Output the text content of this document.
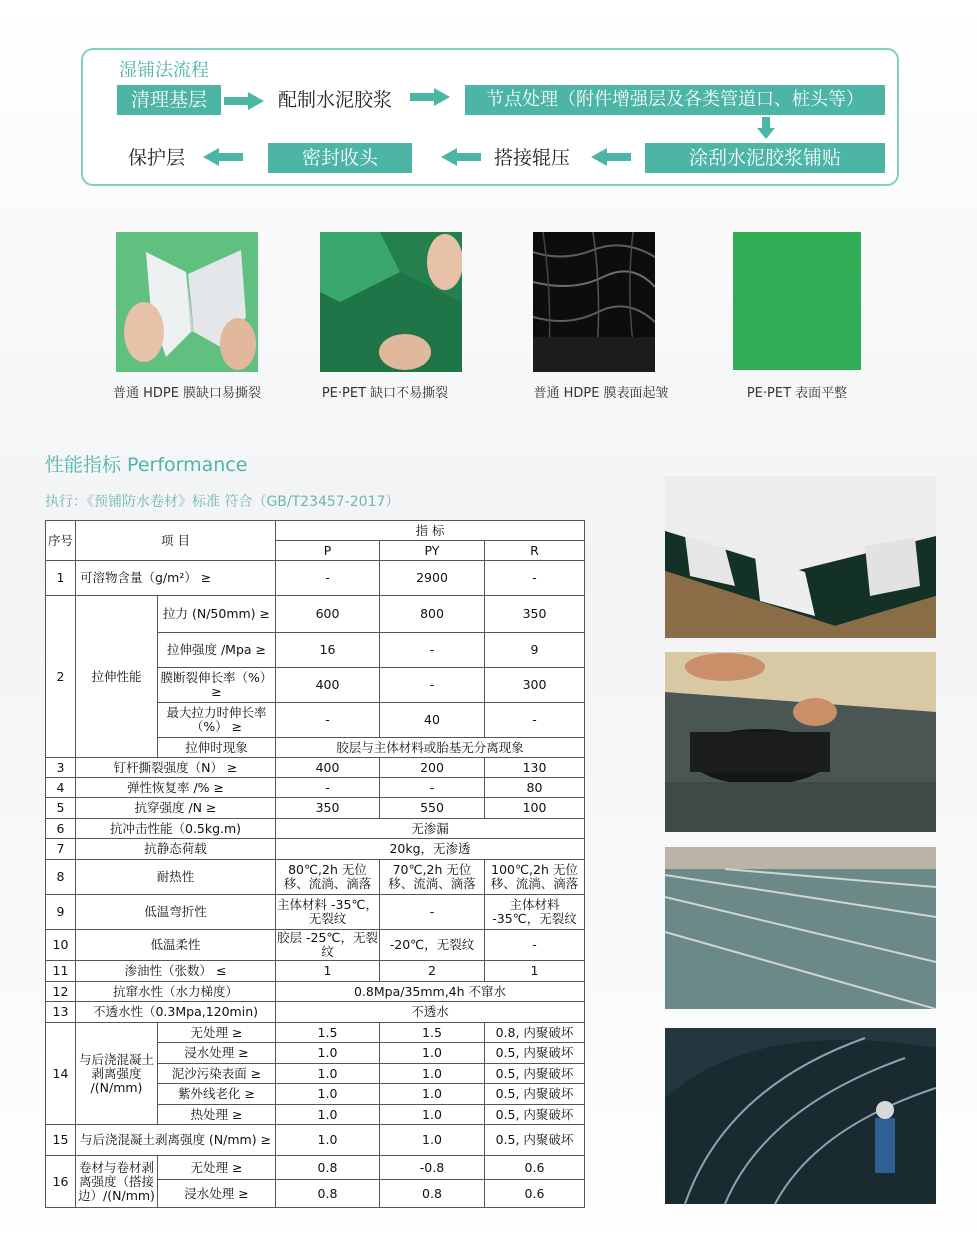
湿铺法流程
清理基层	配制水泥胶浆	节点处理（附件增强层及各类管道口、桩头等）
保护层	密封收头	搭接辊压	涂刮水泥胶浆铺贴
普通 HDPE 膜缺口易撕裂	PE·PET 缺口不易撕裂	普通 HDPE 膜表面起皱	PE·PET 表面平整
性能指标 Performance
执行：《预铺防水卷材》标准 符合（GB/T23457-2017）
序号	项 目		指 标		
			P	PY	R
1	可溶物含量（g/m²） ≥		-	2900	-
2	拉伸性能	拉力 (N/50mm) ≥	600	800	350
		拉伸强度 /Mpa ≥	16	-	9
		膜断裂伸长率（%） ≥	400	-	300
		最大拉力时伸长率（%） ≥	-	40	-
		拉伸时现象	胶层与主体材料或胎基无分离现象		
3	钉杆撕裂强度（N） ≥		400	200	130
4	弹性恢复率 /% ≥		-	-	80
5	抗穿强度 /N ≥		350	550	100
6	抗冲击性能（0.5kg.m)		无渗漏		
7	抗静态荷载		20kg，无渗透		
8	耐热性		80℃,2h 无位移、流淌、滴落	70℃,2h 无位移、流淌、滴落	100℃,2h 无位移、流淌、滴落
9	低温弯折性		主体材料 -35℃，无裂纹	-	主体材料 -35℃，无裂纹
10	低温柔性		胶层 -25℃，无裂纹	-20℃，无裂纹	-
11	渗油性（张数） ≤		1	2	1
12	抗窜水性（水力梯度）		0.8Mpa/35mm,4h 不窜水		
13	不透水性（0.3Mpa,120min)		不透水		
14	与后浇混凝土剥离强度 /(N/mm)	无处理 ≥	1.5	1.5	0.8, 内聚破坏
		浸水处理 ≥	1.0	1.0	0.5, 内聚破坏
		泥沙污染表面 ≥	1.0	1.0	0.5, 内聚破坏
		紫外线老化 ≥	1.0	1.0	0.5, 内聚破坏
		热处理 ≥	1.0	1.0	0.5, 内聚破坏
15	与后浇混凝土剥离强度 (N/mm) ≥		1.0	1.0	0.5, 内聚破坏
16	卷材与卷材剥离强度（搭接边）/(N/mm)	无处理 ≥	0.8	-0.8	0.6
		浸水处理 ≥	0.8	0.8	0.6
